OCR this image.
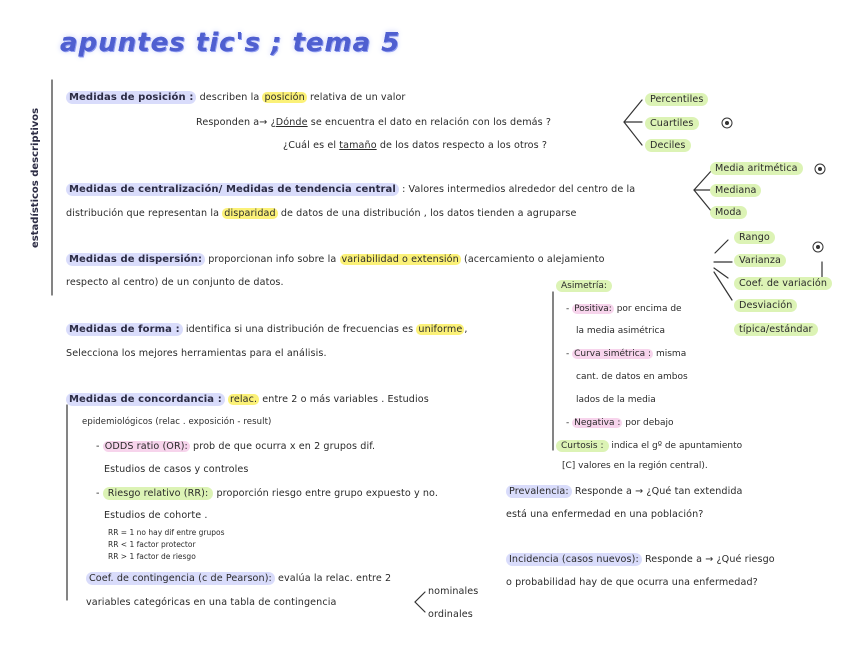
apuntes tic's ; tema 5
estadísticos descriptivos
Medidas de posición : describen la posición relativa de un valor
Responden a→ ¿Dónde se encuentra el dato en relación con los demás ?
¿Cuál es el tamaño de los datos respecto a los otros ?
Percentiles
Cuartiles
Deciles
Medidas de centralización/ Medidas de tendencia central : Valores intermedios alrededor del centro de la
distribución que representan la disparidad de datos de una distribución , los datos tienden a agruparse
Media aritmética
Mediana
Moda
Medidas de dispersión: proporcionan info sobre la variabilidad o extensión (acercamiento o alejamiento
respecto al centro) de un conjunto de datos.
Rango
Varianza
Coef. de variación
Desviación
típica/estándar
Medidas de forma : identifica si una distribución de frecuencias es uniforme ,
Selecciona los mejores herramientas para el análisis.
Asimetría:
- Positiva: por encima de
la media asimétrica
- Curva simétrica : misma
cant. de datos en ambos
lados de la media
- Negativa : por debajo
Curtosis : indica el gº de apuntamiento
[C] valores en la región central).
Medidas de concordancia : relac. entre 2 o más variables . Estudios
epidemiológicos (relac . exposición - result)
- ODDS ratio (OR): prob de que ocurra x en 2 grupos dif.
Estudios de casos y controles
- Riesgo relativo (RR): proporción riesgo entre grupo expuesto y no.
Estudios de cohorte .
RR = 1 no hay dif entre grupos
RR < 1 factor protector
RR > 1 factor de riesgo
Coef. de contingencia (c de Pearson): evalúa la relac. entre 2
variables categóricas en una tabla de contingencia
nominales
ordinales
Prevalencia: Responde a → ¿Qué tan extendida
está una enfermedad en una población?
Incidencia (casos nuevos): Responde a → ¿Qué riesgo
o probabilidad hay de que ocurra una enfermedad?
